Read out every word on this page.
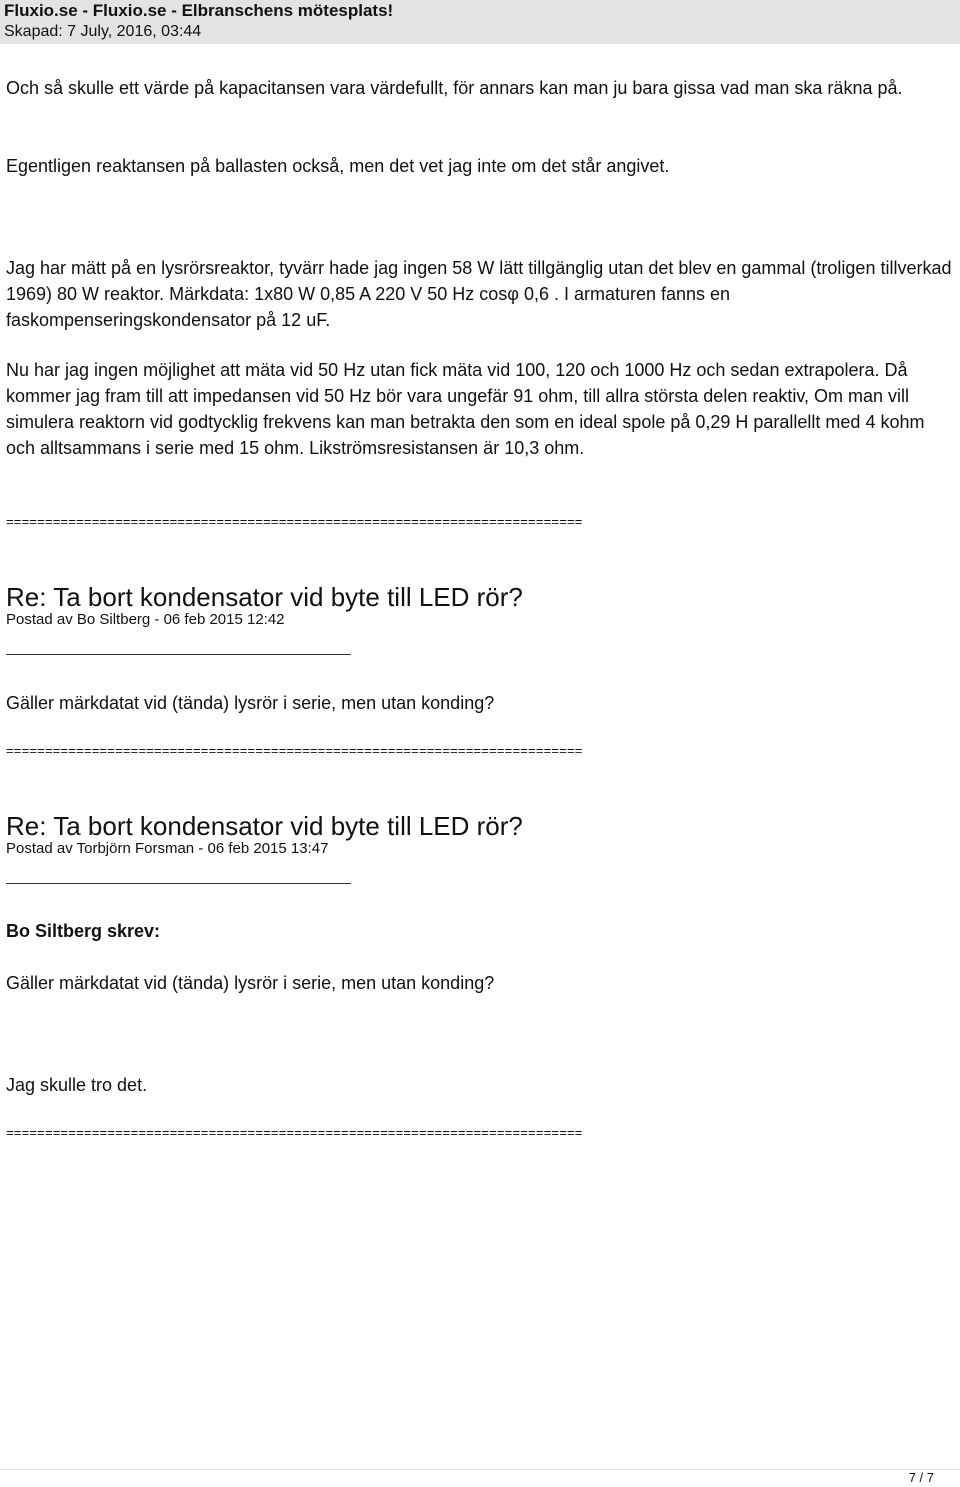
Fluxio.se - Fluxio.se - Elbranschens mötesplats!
Skapad: 7 July, 2016, 03:44

Och så skulle ett värde på kapacitansen vara värdefullt, för annars kan man ju bara gissa vad man ska räkna på.

Egentligen reaktansen på ballasten också, men det vet jag inte om det står angivet.

Jag har mätt på en lysrörsreaktor, tyvärr hade jag ingen 58 W lätt tillgänglig utan det blev en gammal (troligen tillverkad 1969) 80 W reaktor. Märkdata: 1x80 W 0,85 A 220 V 50 Hz cosφ 0,6 . I armaturen fanns en faskompenseringskondensator på 12 uF.

Nu har jag ingen möjlighet att mäta vid 50 Hz utan fick mäta vid 100, 120 och 1000 Hz och sedan extrapolera. Då kommer jag fram till att impedansen vid 50 Hz bör vara ungefär 91 ohm, till allra största delen reaktiv, Om man vill simulera reaktorn vid godtycklig frekvens kan man betrakta den som en ideal spole på 0,29 H parallellt med 4 kohm och alltsammans i serie med 15 ohm. Likströmsresistansen är 10,3 ohm.

==========================================================================
Re: Ta bort kondensator vid byte till LED rör?
Postad av Bo Siltberg - 06 feb 2015 12:42

Gäller märkdatat vid (tända) lysrör i serie, men utan konding?

==========================================================================
Re: Ta bort kondensator vid byte till LED rör?
Postad av Torbjörn Forsman - 06 feb 2015 13:47
Bo Siltberg skrev:

Gäller märkdatat vid (tända) lysrör i serie, men utan konding?

Jag skulle tro det.

==========================================================================
7 / 7
